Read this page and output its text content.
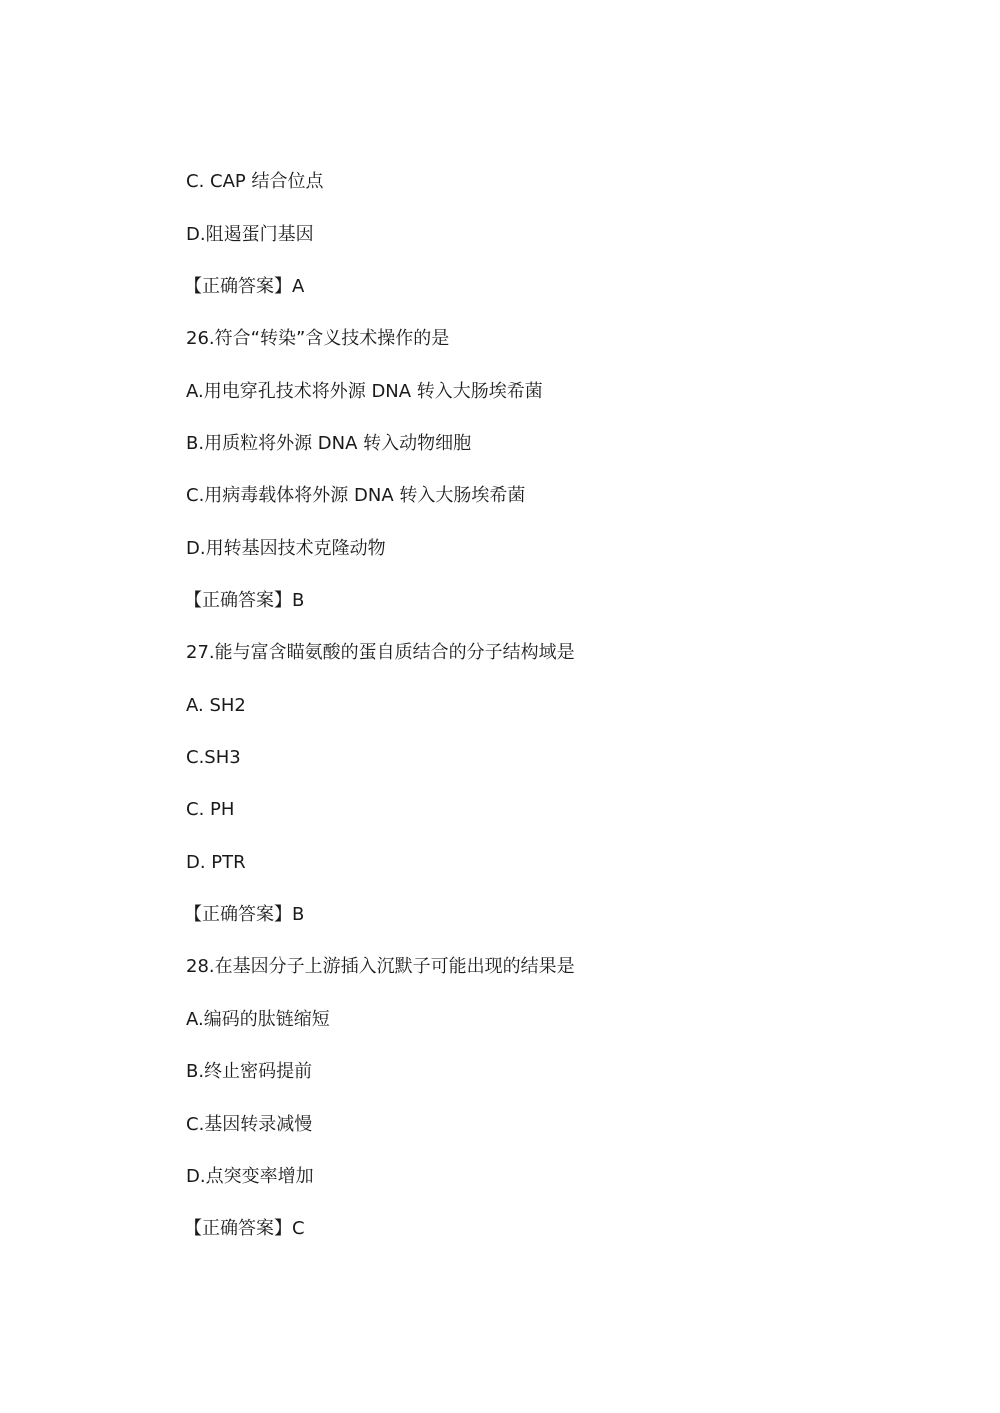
C. CAP 结合位点
D.阻遏蛋门基因
【正确答案】A
26.符合“转染”含义技术操作的是
A.用电穿孔技术将外源 DNA 转入大肠埃希菌
B.用质粒将外源 DNA 转入动物细胞
C.用病毒载体将外源 DNA 转入大肠埃希菌
D.用转基因技术克隆动物
【正确答案】B
27.能与富含瞄氨酸的蛋自质结合的分子结构域是
A. SH2
C.SH3
C. PH
D. PTR
【正确答案】B
28.在基因分子上游插入沉默子可能出现的结果是
A.编码的肽链缩短
B.终止密码提前
C.基因转录减慢
D.点突变率增加
【正确答案】C
